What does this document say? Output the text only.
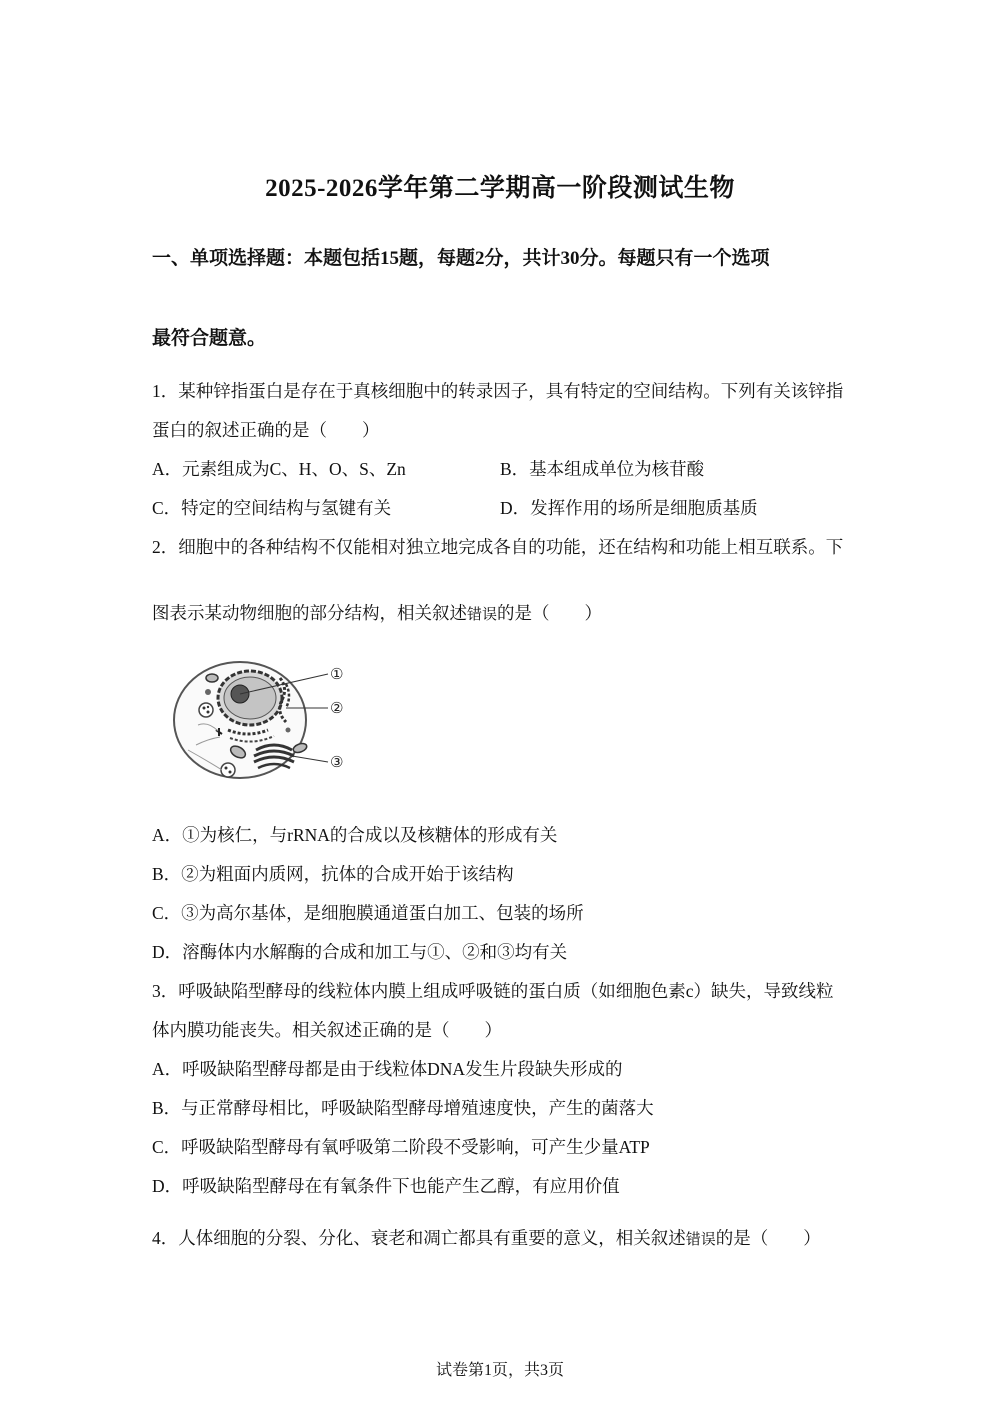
2025-2026学年第二学期高一阶段测试生物
一、单项选择题：本题包括15题，每题2分，共计30分。每题只有一个选项
最符合题意。
1．某种锌指蛋白是存在于真核细胞中的转录因子，具有特定的空间结构。下列有关该锌指
蛋白的叙述正确的是（　　）
A．元素组成为C、H、O、S、Zn	B．基本组成单位为核苷酸
C．特定的空间结构与氢键有关	D．发挥作用的场所是细胞质基质
2．细胞中的各种结构不仅能相对独立地完成各自的功能，还在结构和功能上相互联系。下
图表示某动物细胞的部分结构，相关叙述错误的是（　　）
①
②
③
A．①为核仁，与rRNA的合成以及核糖体的形成有关
B．②为粗面内质网，抗体的合成开始于该结构
C．③为高尔基体，是细胞膜通道蛋白加工、包装的场所
D．溶酶体内水解酶的合成和加工与①、②和③均有关
3．呼吸缺陷型酵母的线粒体内膜上组成呼吸链的蛋白质（如细胞色素c）缺失，导致线粒
体内膜功能丧失。相关叙述正确的是（　　）
A．呼吸缺陷型酵母都是由于线粒体DNA发生片段缺失形成的
B．与正常酵母相比，呼吸缺陷型酵母增殖速度快，产生的菌落大
C．呼吸缺陷型酵母有氧呼吸第二阶段不受影响，可产生少量ATP
D．呼吸缺陷型酵母在有氧条件下也能产生乙醇，有应用价值
4．人体细胞的分裂、分化、衰老和凋亡都具有重要的意义，相关叙述错误的是（　　）
试卷第1页，共3页
